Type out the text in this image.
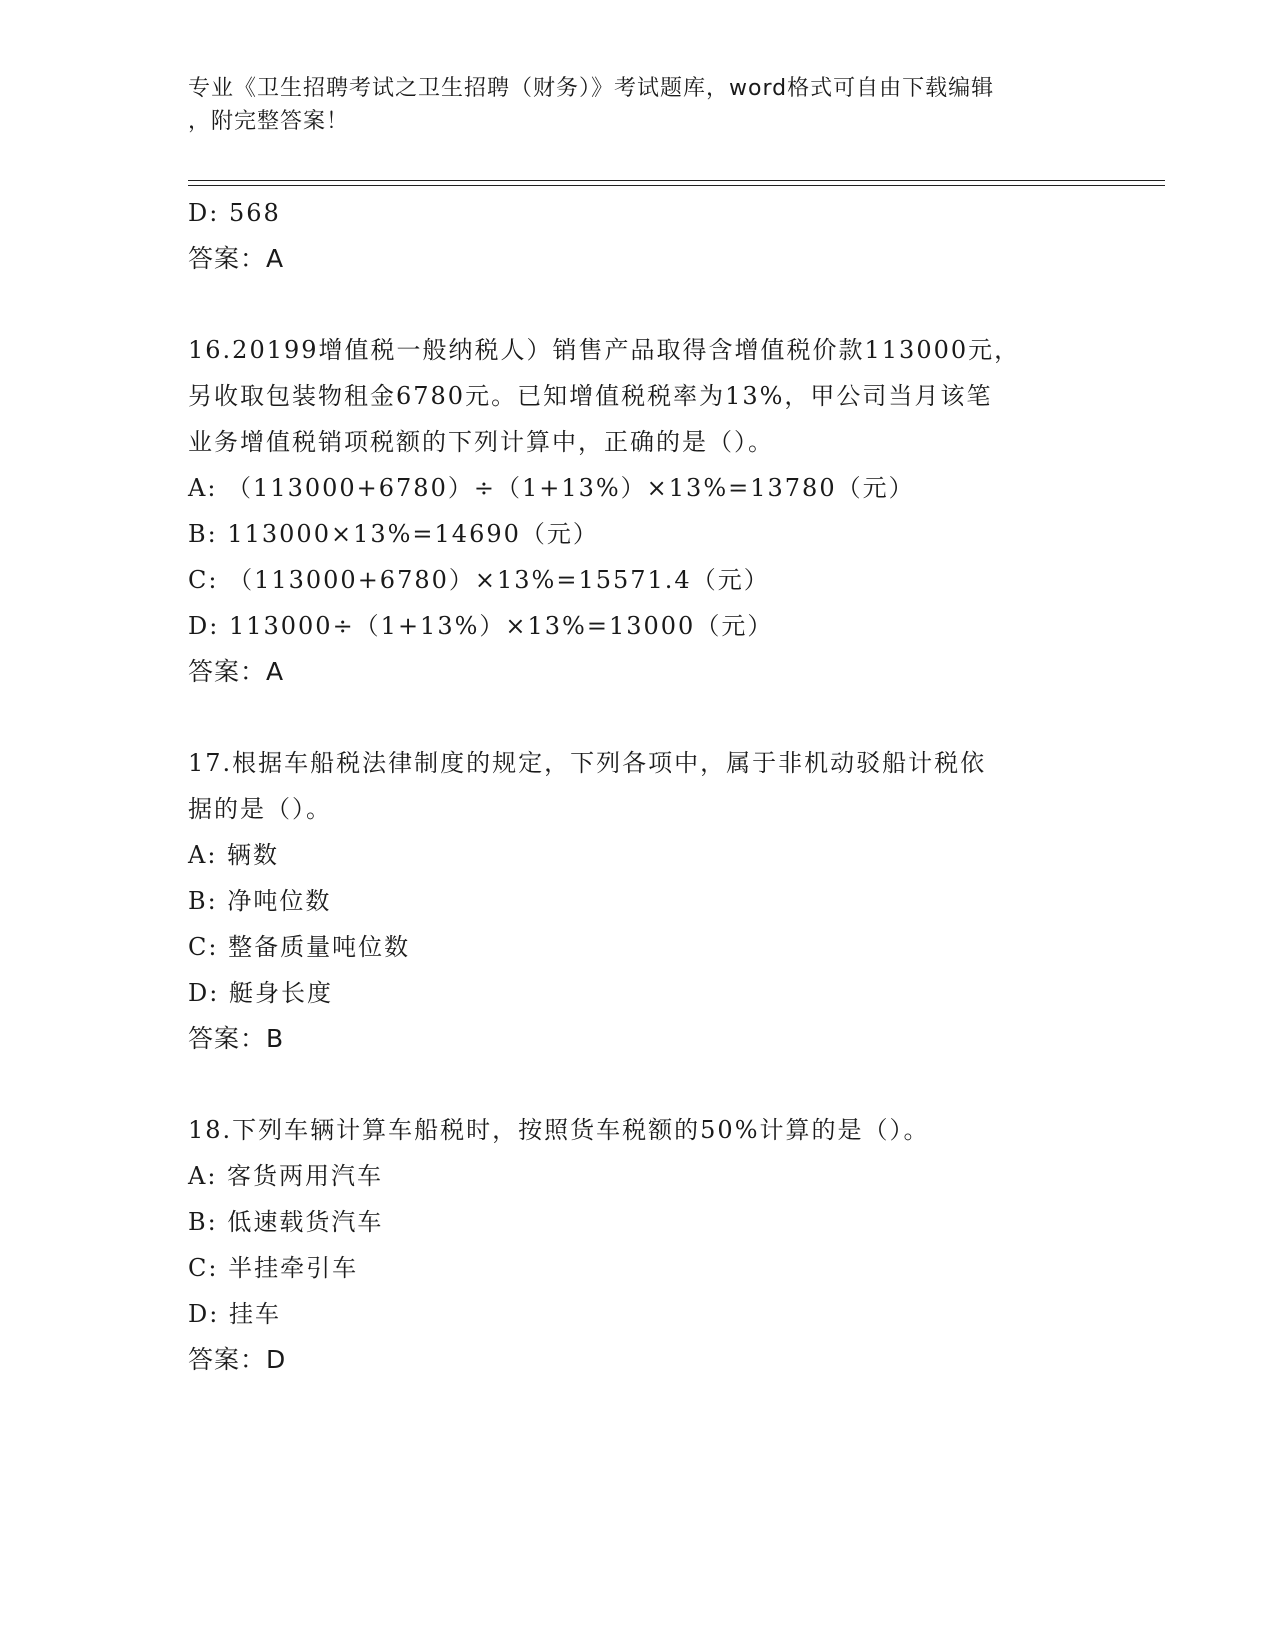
专业《卫生招聘考试之卫生招聘（财务）》考试题库，word格式可自由下载编辑
，附完整答案！
D: 568
答案：A
16.20199增值税一般纳税人）销售产品取得含增值税价款113000元，
另收取包装物租金6780元。已知增值税税率为13%，甲公司当月该笔
业务增值税销项税额的下列计算中，正确的是（）。
A: （113000+6780）÷（1+13%）×13%=13780（元）
B: 113000×13%=14690（元）
C: （113000+6780）×13%=15571.4（元）
D: 113000÷（1+13%）×13%=13000（元）
答案：A
17.根据车船税法律制度的规定，下列各项中，属于非机动驳船计税依
据的是（）。
A: 辆数
B: 净吨位数
C: 整备质量吨位数
D: 艇身长度
答案：B
18.下列车辆计算车船税时，按照货车税额的50%计算的是（）。
A: 客货两用汽车
B: 低速载货汽车
C: 半挂牵引车
D: 挂车
答案：D
